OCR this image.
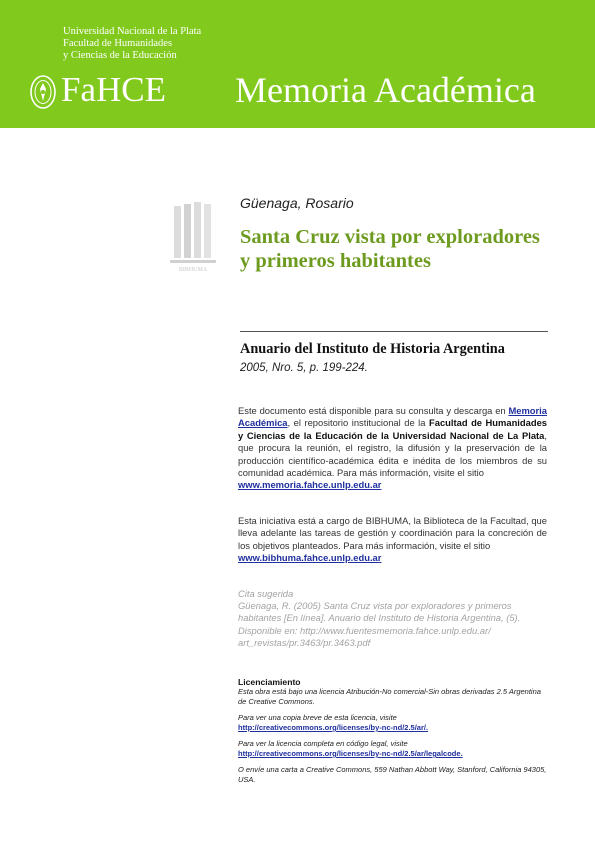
Universidad Nacional de la Plata
Facultad de Humanidades
y Ciencias de la Educación
FaHCE Memoria Académica
BIBHUMA
Güenaga, Rosario
Santa Cruz vista por exploradores y primeros habitantes
Anuario del Instituto de Historia Argentina
2005, Nro. 5, p. 199-224.
Este documento está disponible para su consulta y descarga en Memoria Académica, el repositorio institucional de la Facultad de Humanidades y Ciencias de la Educación de la Universidad Nacional de La Plata, que procura la reunión, el registro, la difusión y la preservación de la producción científico-académica édita e inédita de los miembros de su comunidad académica. Para más información, visite el sitio
www.memoria.fahce.unlp.edu.ar
Esta iniciativa está a cargo de BIBHUMA, la Biblioteca de la Facultad, que lleva adelante las tareas de gestión y coordinación para la concreción de los objetivos planteados. Para más información, visite el sitio
www.bibhuma.fahce.unlp.edu.ar
Cita sugerida
Güenaga, R. (2005) Santa Cruz vista por exploradores y primeros
habitantes [En línea]. Anuario del Instituto de Historia Argentina, (5).
Disponible en: http://www.fuentesmemoria.fahce.unlp.edu.ar/
art_revistas/pr.3463/pr.3463.pdf
Licenciamiento
Esta obra está bajo una licencia Atribución-No comercial-Sin obras derivadas 2.5 Argentina de Creative Commons.
Para ver una copia breve de esta licencia, visite
http://creativecommons.org/licenses/by-nc-nd/2.5/ar/.
Para ver la licencia completa en código legal, visite
http://creativecommons.org/licenses/by-nc-nd/2.5/ar/legalcode.
O envíe una carta a Creative Commons, 559 Nathan Abbott Way, Stanford, California 94305, USA.
